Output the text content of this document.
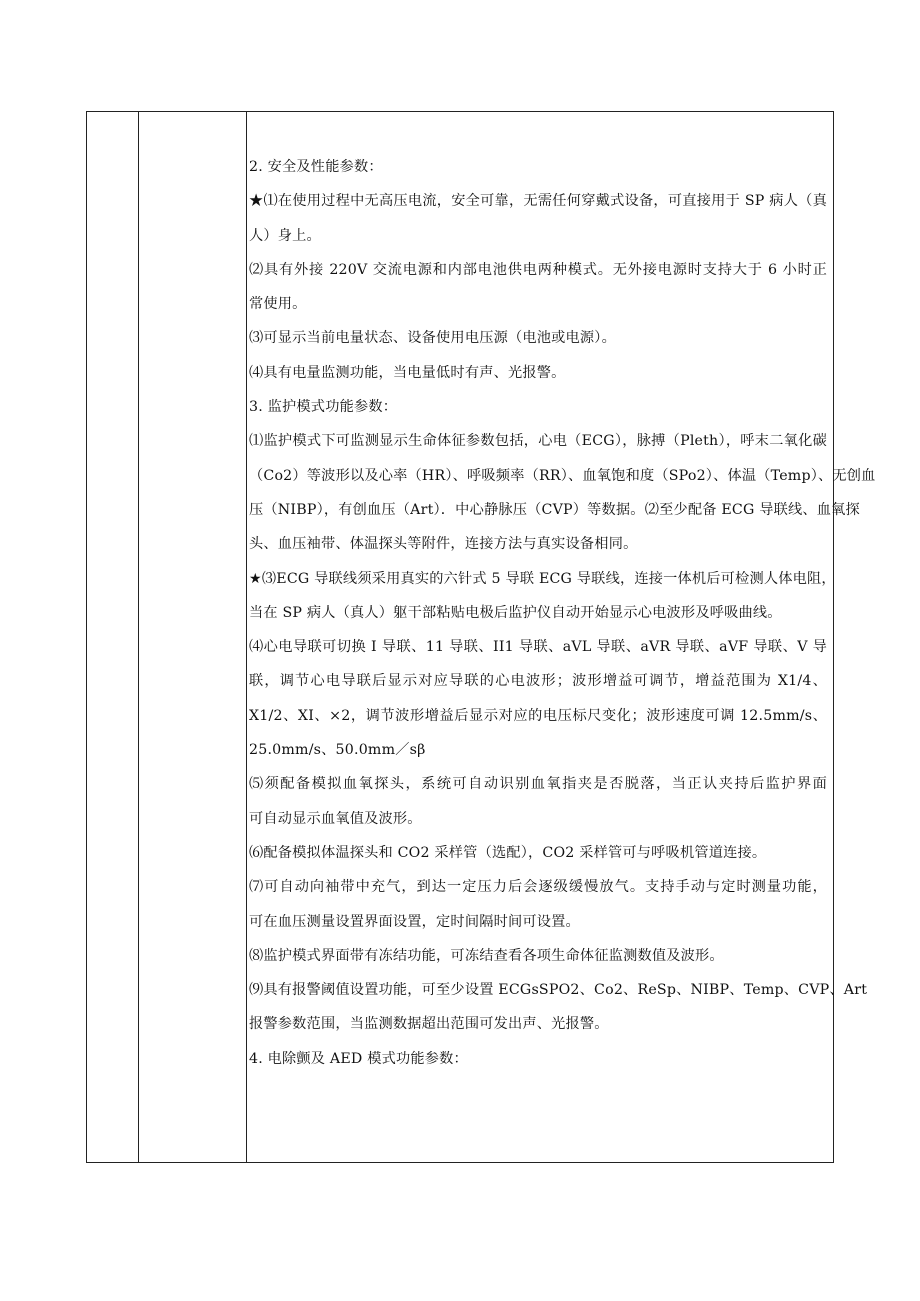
2. 安全及性能参数：
★⑴在使用过程中无高压电流，安全可靠，无需任何穿戴式设备，可直接用于 SP 病人（真
人）身上。
⑵具有外接 220V 交流电源和内部电池供电两种模式。无外接电源时支持大于 6 小时正
常使用。
⑶可显示当前电量状态、设备使用电压源（电池或电源）。
⑷具有电量监测功能，当电量低时有声、光报警。
3. 监护模式功能参数：
⑴监护模式下可监测显示生命体征参数包括，心电（ECG），脉搏（Pleth），呼末二氧化碳
（Co2）等波形以及心率（HR）、呼吸频率（RR）、血氧饱和度（SPo2）、体温（Temp）、无创血
压（NIBP），有创血压（Art）．中心静脉压（CVP）等数据。⑵至少配备 ECG 导联线、血氧探
头、血压袖带、体温探头等附件，连接方法与真实设备相同。
★⑶ECG 导联线须采用真实的六针式 5 导联 ECG 导联线，连接一体机后可检测人体电阻，
当在 SP 病人（真人）躯干部粘贴电极后监护仪自动开始显示心电波形及呼吸曲线。
⑷心电导联可切换 I 导联、11 导联、II1 导联、aVL 导联、aVR 导联、aVF 导联、V 导
联，调节心电导联后显示对应导联的心电波形；波形增益可调节，增益范围为 X1/4、
X1/2、XI、×2，调节波形增益后显示对应的电压标尺变化；波形速度可调 12.5mm/s、
25.0mm/s、50.0mm／sβ
⑸须配备模拟血氧探头，系统可自动识别血氧指夹是否脱落，当正认夹持后监护界面
可自动显示血氧值及波形。
⑹配备模拟体温探头和 CO2 采样管（选配），CO2 采样管可与呼吸机管道连接。
⑺可自动向袖带中充气，到达一定压力后会逐级缓慢放气。支持手动与定时测量功能，
可在血压测量设置界面设置，定时间隔时间可设置。
⑻监护模式界面带有冻结功能，可冻结查看各项生命体征监测数值及波形。
⑼具有报警阈值设置功能，可至少设置 ECGsSPO2、Co2、ReSp、NIBP、Temp、CVP、Art
报警参数范围，当监测数据超出范围可发出声、光报警。
4. 电除颤及 AED 模式功能参数：
